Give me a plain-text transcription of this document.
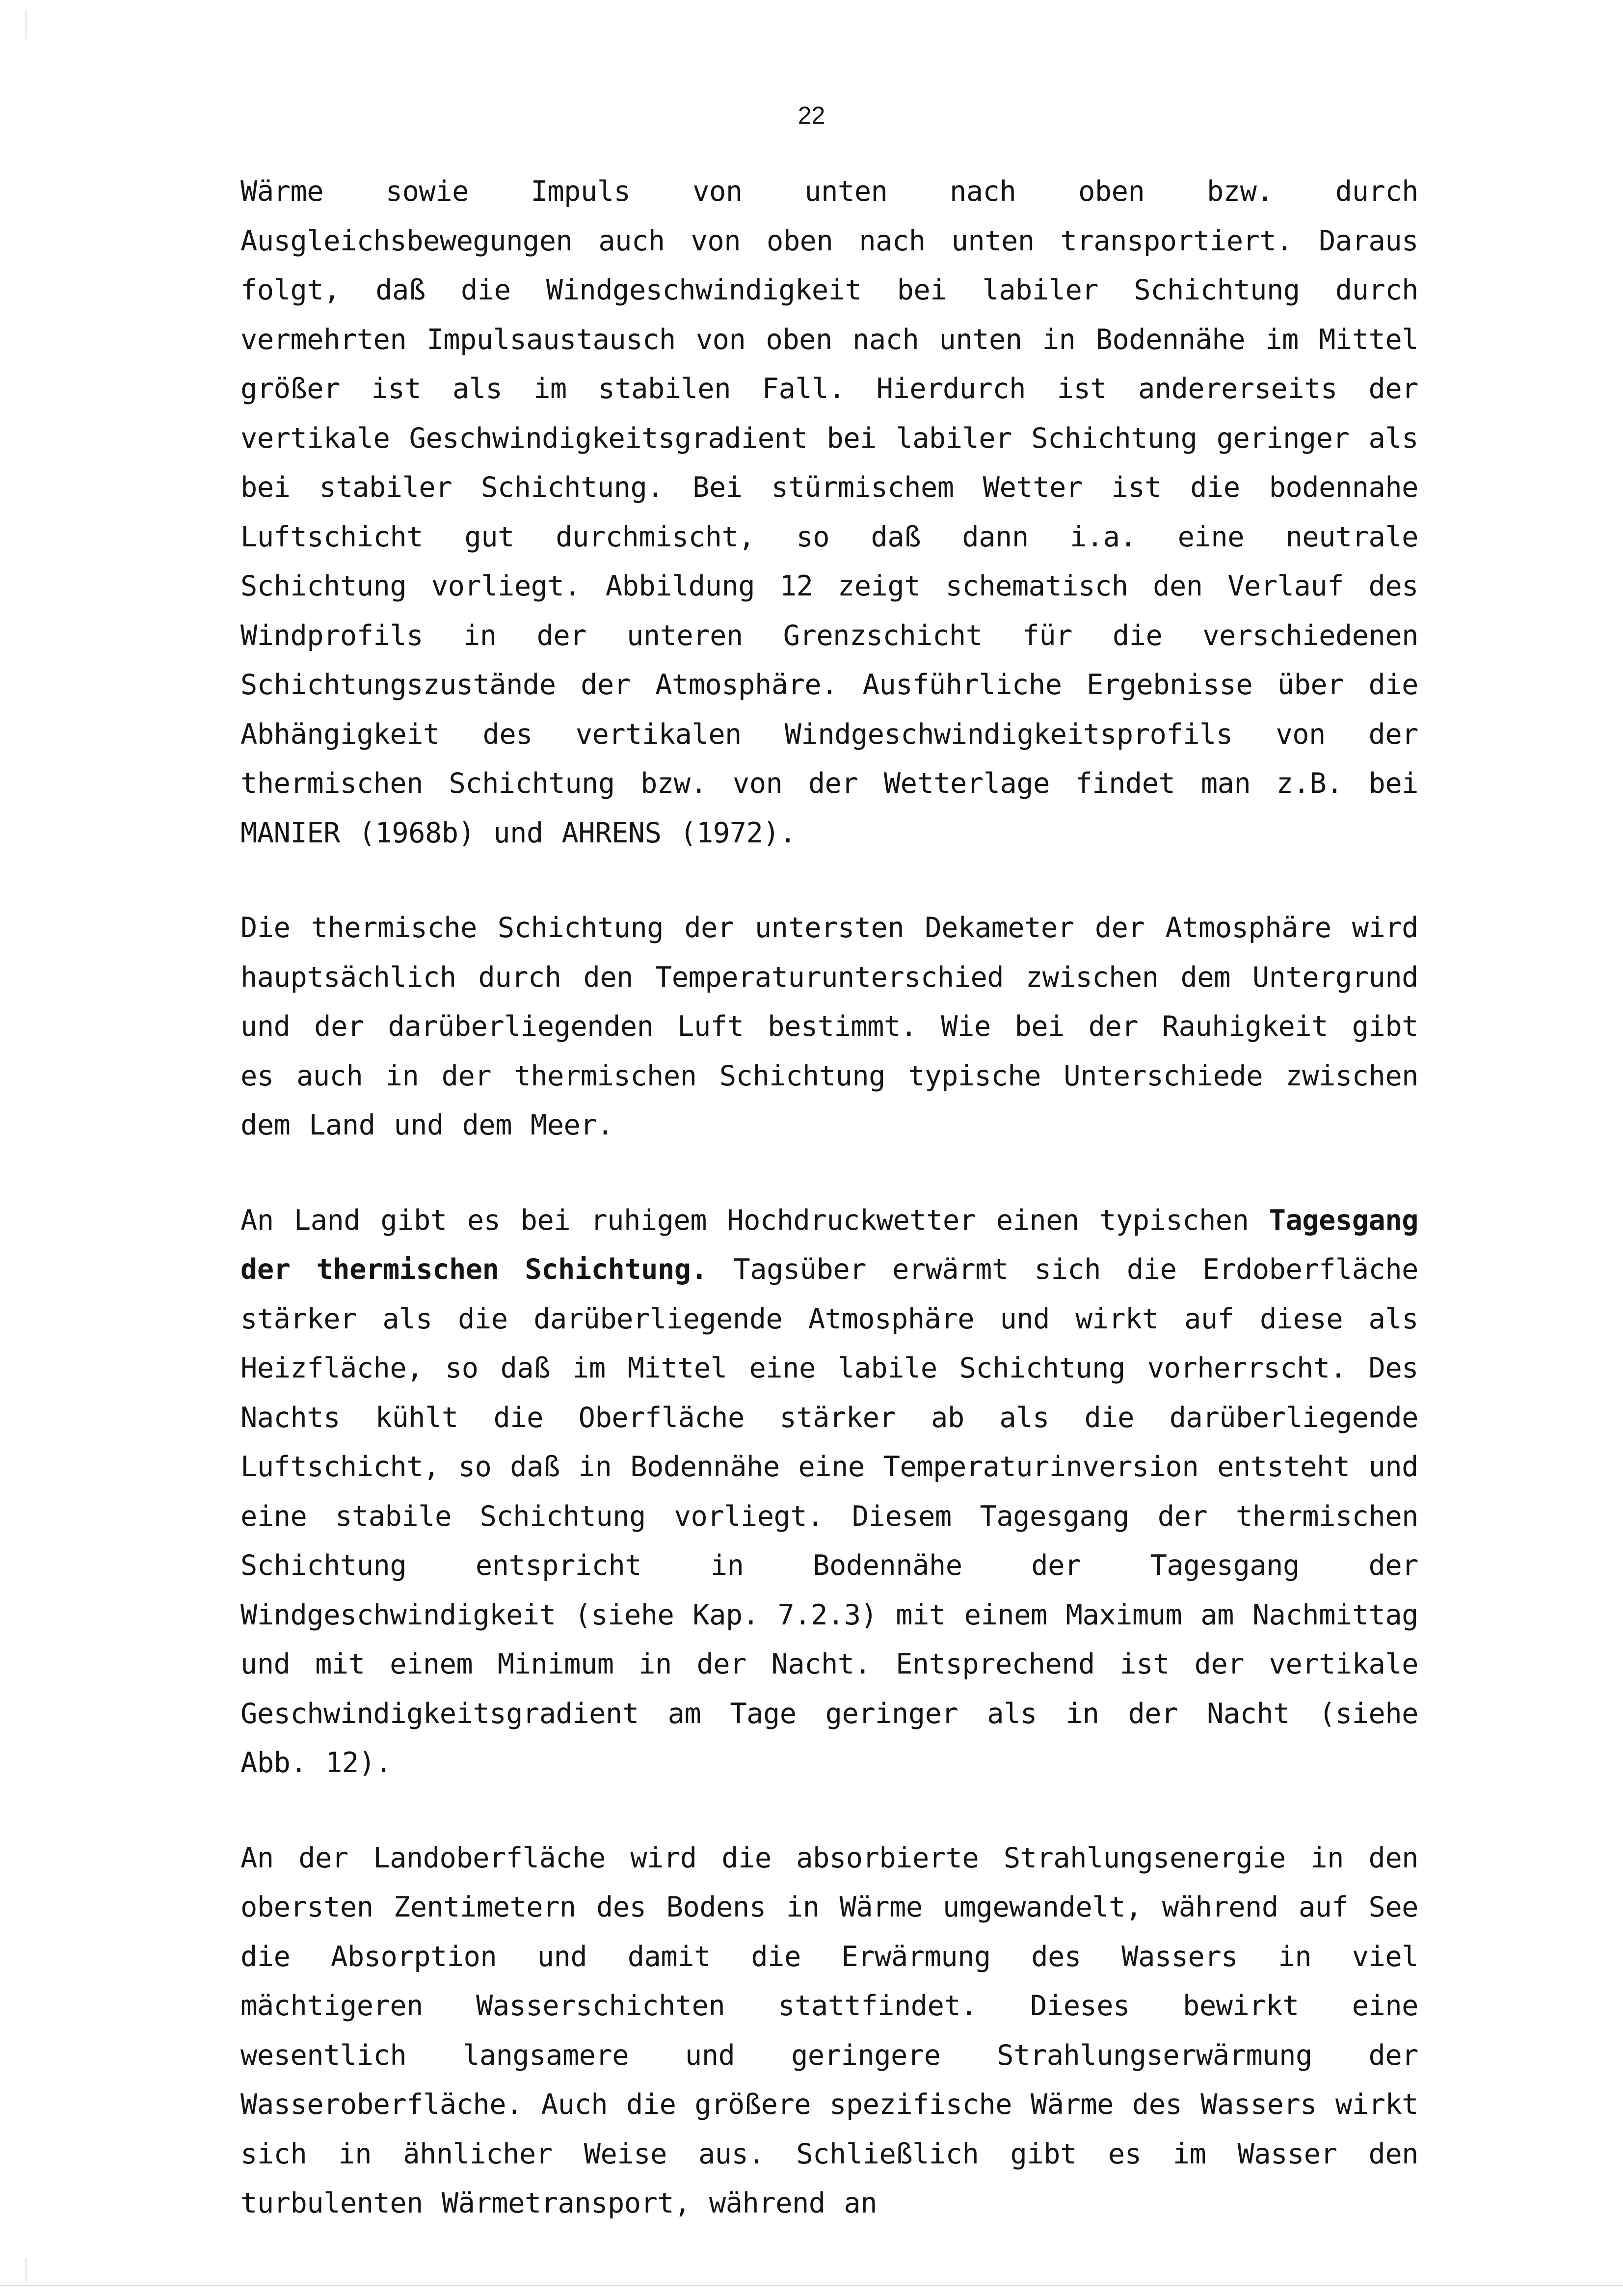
22

Wärme sowie Impuls von unten nach oben bzw. durch Ausgleichsbewegungen auch von oben nach unten transportiert. Daraus folgt, daß die Windgeschwindigkeit bei labiler Schichtung durch vermehrten Impulsaustausch von oben nach unten in Bodennähe im Mittel größer ist als im stabilen Fall. Hierdurch ist andererseits der vertikale Geschwindigkeitsgradient bei labiler Schichtung geringer als bei stabiler Schichtung. Bei stürmischem Wetter ist die bodennahe Luftschicht gut durchmischt, so daß dann i.a. eine neutrale Schichtung vorliegt. Abbildung 12 zeigt schematisch den Verlauf des Windprofils in der unteren Grenzschicht für die verschiedenen Schichtungszustände der Atmosphäre. Ausführliche Ergebnisse über die Abhängigkeit des vertikalen Windgeschwindigkeitsprofils von der thermischen Schichtung bzw. von der Wetterlage findet man z.B. bei MANIER (1968b) und AHRENS (1972).

Die thermische Schichtung der untersten Dekameter der Atmosphäre wird hauptsächlich durch den Temperaturunterschied zwischen dem Untergrund und der darüberliegenden Luft bestimmt. Wie bei der Rauhigkeit gibt es auch in der thermischen Schichtung typische Unterschiede zwischen dem Land und dem Meer.

An Land gibt es bei ruhigem Hochdruckwetter einen typischen Tagesgang der thermischen Schichtung. Tagsüber erwärmt sich die Erdoberfläche stärker als die darüberliegende Atmosphäre und wirkt auf diese als Heizfläche, so daß im Mittel eine labile Schichtung vorherrscht. Des Nachts kühlt die Oberfläche stärker ab als die darüberliegende Luftschicht, so daß in Bodennähe eine Temperaturinversion entsteht und eine stabile Schichtung vorliegt. Diesem Tagesgang der thermischen Schichtung entspricht in Bodennähe der Tagesgang der Windgeschwindigkeit (siehe Kap. 7.2.3) mit einem Maximum am Nachmittag und mit einem Minimum in der Nacht. Entsprechend ist der vertikale Geschwindigkeitsgradient am Tage geringer als in der Nacht (siehe Abb. 12).

An der Landoberfläche wird die absorbierte Strahlungsenergie in den obersten Zentimetern des Bodens in Wärme umgewandelt, während auf See die Absorption und damit die Erwärmung des Wassers in viel mächtigeren Wasserschichten stattfindet. Dieses bewirkt eine wesentlich langsamere und geringere Strahlungserwärmung der Wasseroberfläche. Auch die größere spezifische Wärme des Wassers wirkt sich in ähnlicher Weise aus. Schließlich gibt es im Wasser den turbulenten Wärmetransport, während an
